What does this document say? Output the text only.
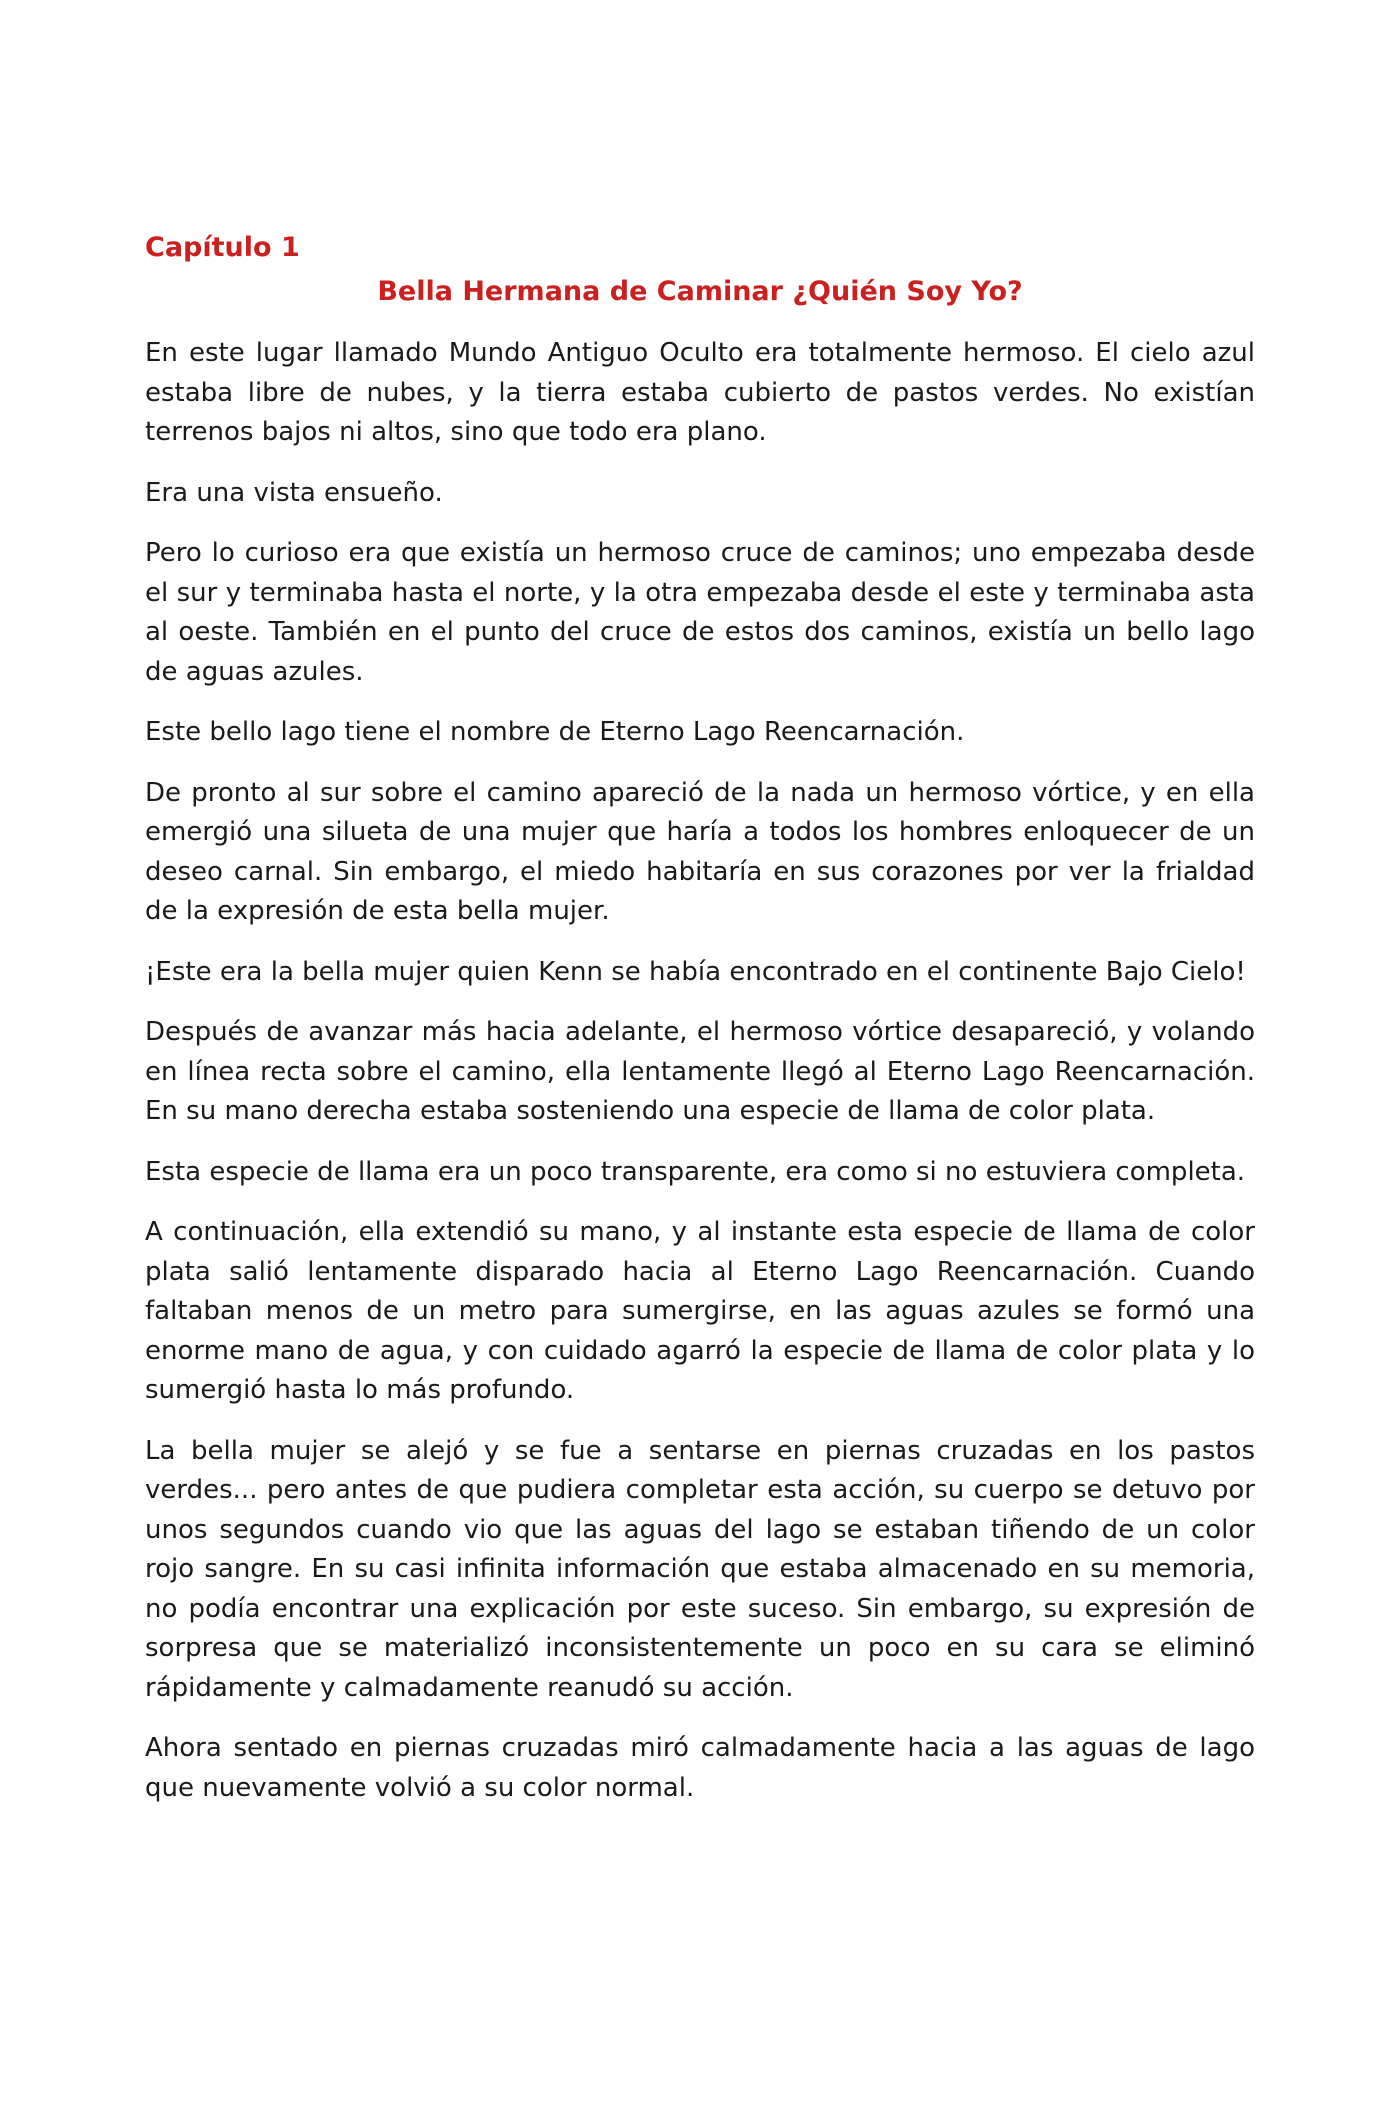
Capítulo 1

Bella Hermana de Caminar ¿Quién Soy Yo?

En este lugar llamado Mundo Antiguo Oculto era totalmente hermoso. El cielo azul estaba libre de nubes, y la tierra estaba cubierto de pastos verdes. No existían terrenos bajos ni altos, sino que todo era plano.

Era una vista ensueño.

Pero lo curioso era que existía un hermoso cruce de caminos; uno empezaba desde el sur y terminaba hasta el norte, y la otra empezaba desde el este y terminaba asta al oeste. También en el punto del cruce de estos dos caminos, existía un bello lago de aguas azules.

Este bello lago tiene el nombre de Eterno Lago Reencarnación.

De pronto al sur sobre el camino apareció de la nada un hermoso vórtice, y en ella emergió una silueta de una mujer que haría a todos los hombres enloquecer de un deseo carnal. Sin embargo, el miedo habitaría en sus corazones por ver la frialdad de la expresión de esta bella mujer.

¡Este era la bella mujer quien Kenn se había encontrado en el continente Bajo Cielo!

Después de avanzar más hacia adelante, el hermoso vórtice desapareció, y volando en línea recta sobre el camino, ella lentamente llegó al Eterno Lago Reencarnación. En su mano derecha estaba sosteniendo una especie de llama de color plata.

Esta especie de llama era un poco transparente, era como si no estuviera completa.

A continuación, ella extendió su mano, y al instante esta especie de llama de color plata salió lentamente disparado hacia al Eterno Lago Reencarnación. Cuando faltaban menos de un metro para sumergirse, en las aguas azules se formó una enorme mano de agua, y con cuidado agarró la especie de llama de color plata y lo sumergió hasta lo más profundo.

La bella mujer se alejó y se fue a sentarse en piernas cruzadas en los pastos verdes... pero antes de que pudiera completar esta acción, su cuerpo se detuvo por unos segundos cuando vio que las aguas del lago se estaban tiñendo de un color rojo sangre. En su casi infinita información que estaba almacenado en su memoria, no podía encontrar una explicación por este suceso. Sin embargo, su expresión de sorpresa que se materializó inconsistentemente un poco en su cara se eliminó rápidamente y calmadamente reanudó su acción.

Ahora sentado en piernas cruzadas miró calmadamente hacia a las aguas de lago que nuevamente volvió a su color normal.
